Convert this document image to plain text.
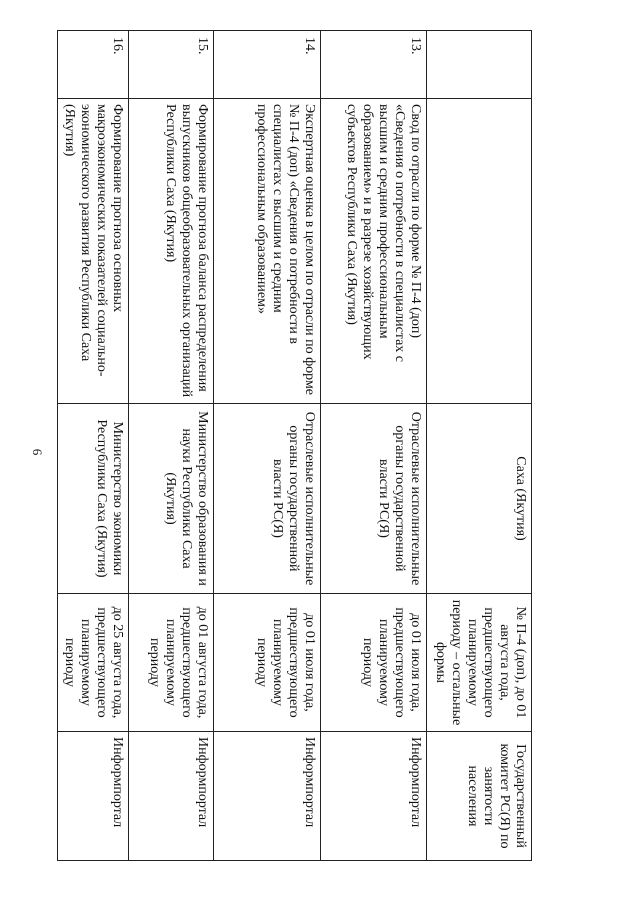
6
		Саха (Якутия)	№ П-4 (доп), до 01 августа года, предшествующего планируемому периоду – остальные формы	Государственный комитет РС(Я) по занятости населения
13.	Свод по отрасли по форме № П-4 (доп) «Сведения о потребности в специалистах с высшим и средним профессиональным образованием» и в разрезе хозяйствующих субъектов Республики Саха (Якутия)	Отраслевые исполнительные органы государственной власти РС(Я)	до 01 июля года, предшествующего планируемому периоду	Информпортал
14.	Экспертная оценка в целом по отрасли по форме № П-4 (доп) «Сведения о потребности в специалистах с высшим и средним профессиональным образованием»	Отраслевые исполнительные органы государственной власти РС(Я)	до 01 июля года, предшествующего планируемому периоду	Информпортал
15.	Формирование прогноза баланса распределения выпускников общеобразовательных организаций Республики Саха (Якутия)	Министерство образования и науки Республики Саха (Якутия)	до 01 августа года, предшествующего планируемому периоду	Информпортал
16.	Формирование прогноза основных макроэкономических показателей социально-экономического развития Республики Саха (Якутия)	Министерство экономики Республики Саха (Якутия)	до 25 августа года, предшествующего планируемому периоду	Информпортал
